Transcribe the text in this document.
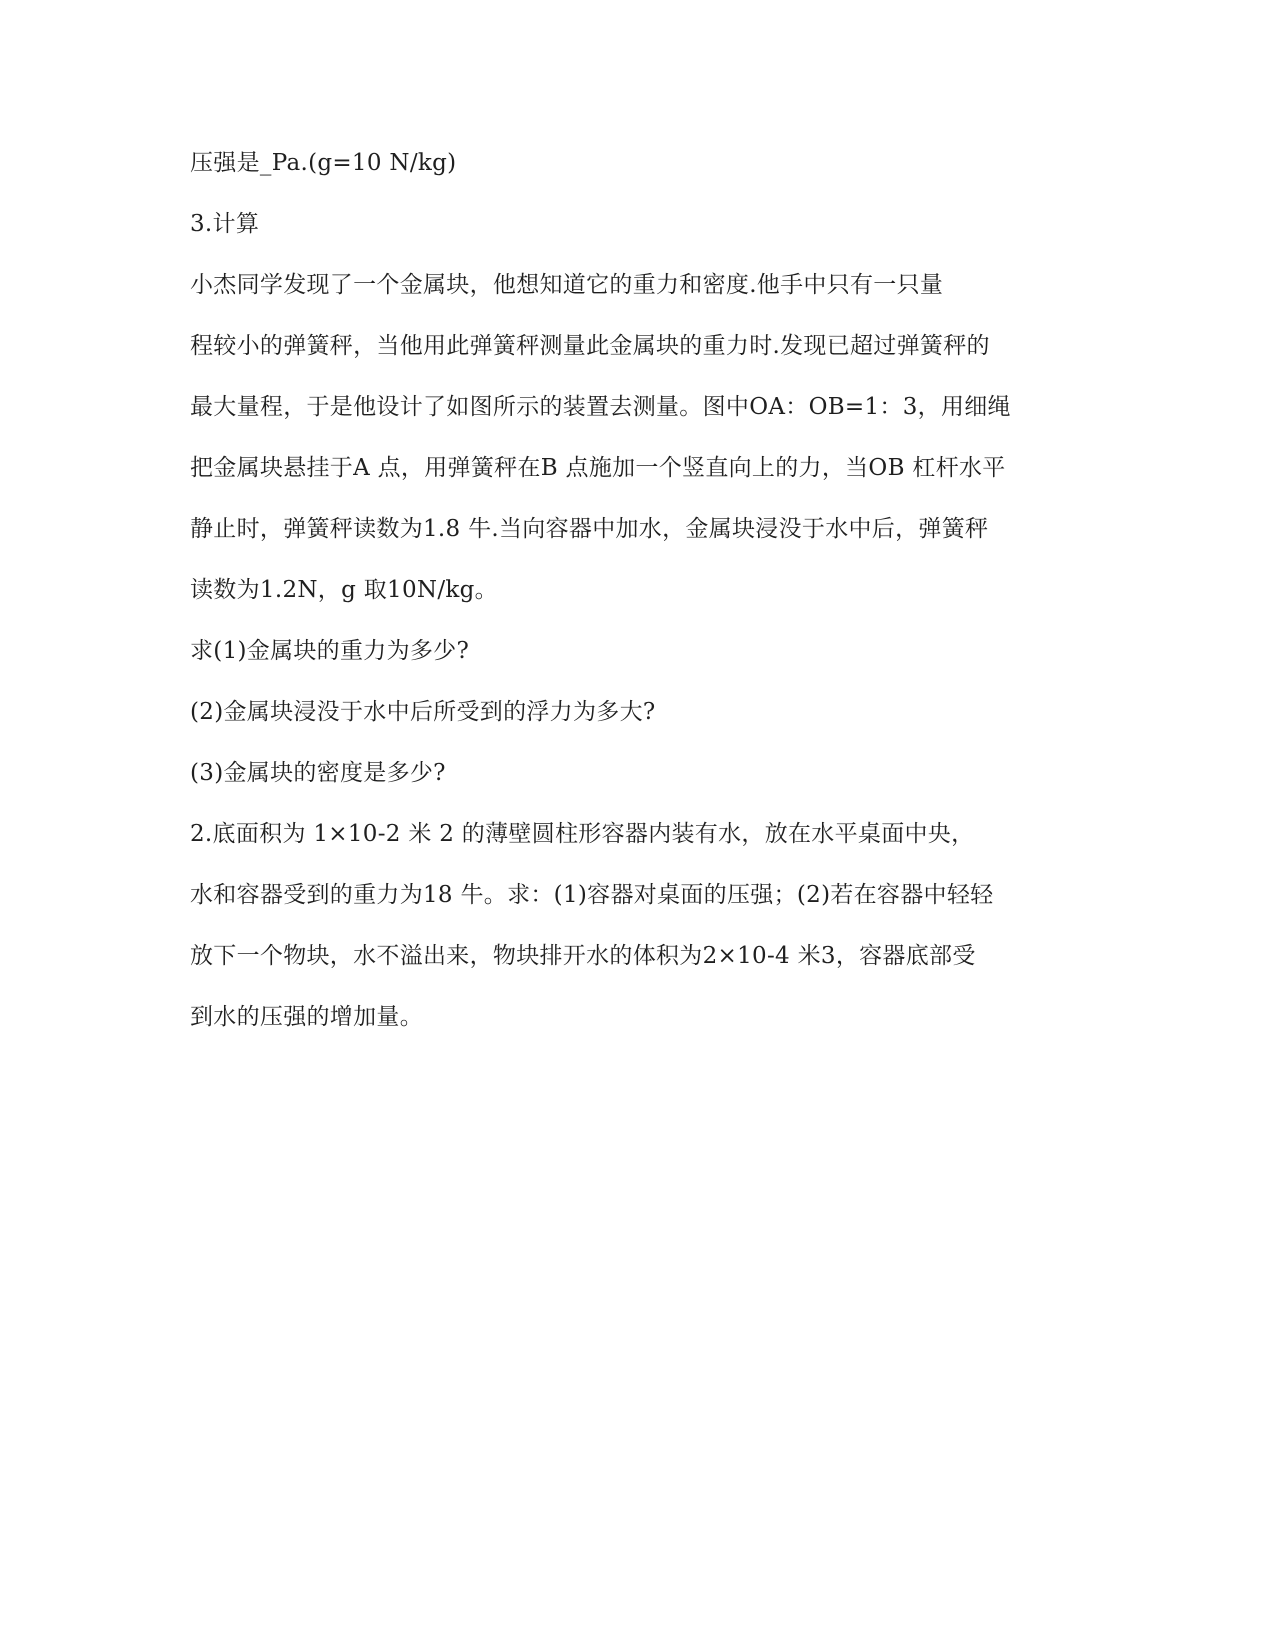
压强是_Pa.(g=10 N/kg)
3.计算
小杰同学发现了一个金属块，他想知道它的重力和密度.他手中只有一只量
程较小的弹簧秤，当他用此弹簧秤测量此金属块的重力时.发现已超过弹簧秤的
最大量程，于是他设计了如图所示的装置去测量。图中OA：OB=1：3，用细绳
把金属块悬挂于A 点，用弹簧秤在B 点施加一个竖直向上的力，当OB 杠杆水平
静止时，弹簧秤读数为1.8 牛.当向容器中加水，金属块浸没于水中后，弹簧秤
读数为1.2N，g 取10N/kg。
求(1)金属块的重力为多少?
(2)金属块浸没于水中后所受到的浮力为多大?
(3)金属块的密度是多少?
2.底面积为 1×10-2 米 2 的薄壁圆柱形容器内装有水，放在水平桌面中央，
水和容器受到的重力为18 牛。求：(1)容器对桌面的压强；(2)若在容器中轻轻
放下一个物块，水不溢出来，物块排开水的体积为2×10-4 米3，容器底部受
到水的压强的增加量。
